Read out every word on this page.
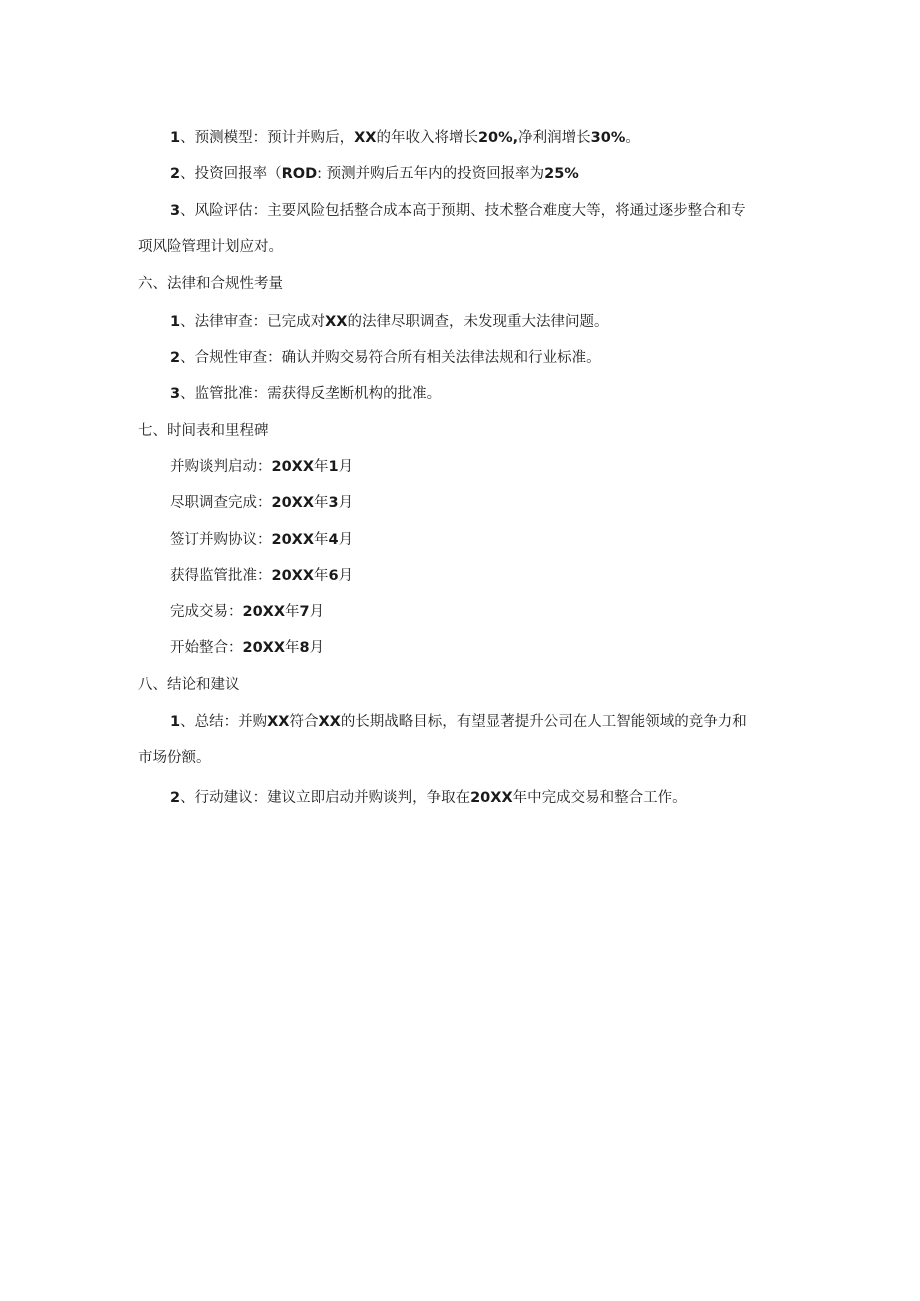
1、预测模型：预计并购后，XX的年收入将增长20%,净利润增长30%。
2、投资回报率（ROD: 预测并购后五年内的投资回报率为25%
3、风险评估：主要风险包括整合成本高于预期、技术整合难度大等，将通过逐步整合和专
项风险管理计划应对。
六、法律和合规性考量
1、法律审查：已完成对XX的法律尽职调查，未发现重大法律问题。
2、合规性审查：确认并购交易符合所有相关法律法规和行业标准。
3、监管批准：需获得反垄断机构的批准。
七、时间表和里程碑
并购谈判启动：20XX年1月
尽职调查完成：20XX年3月
签订并购协议：20XX年4月
获得监管批准：20XX年6月
完成交易：20XX年7月
开始整合：20XX年8月
八、结论和建议
1、总结：并购XX符合XX的长期战略目标，有望显著提升公司在人工智能领域的竞争力和
市场份额。
2、行动建议：建议立即启动并购谈判，争取在20XX年中完成交易和整合工作。
